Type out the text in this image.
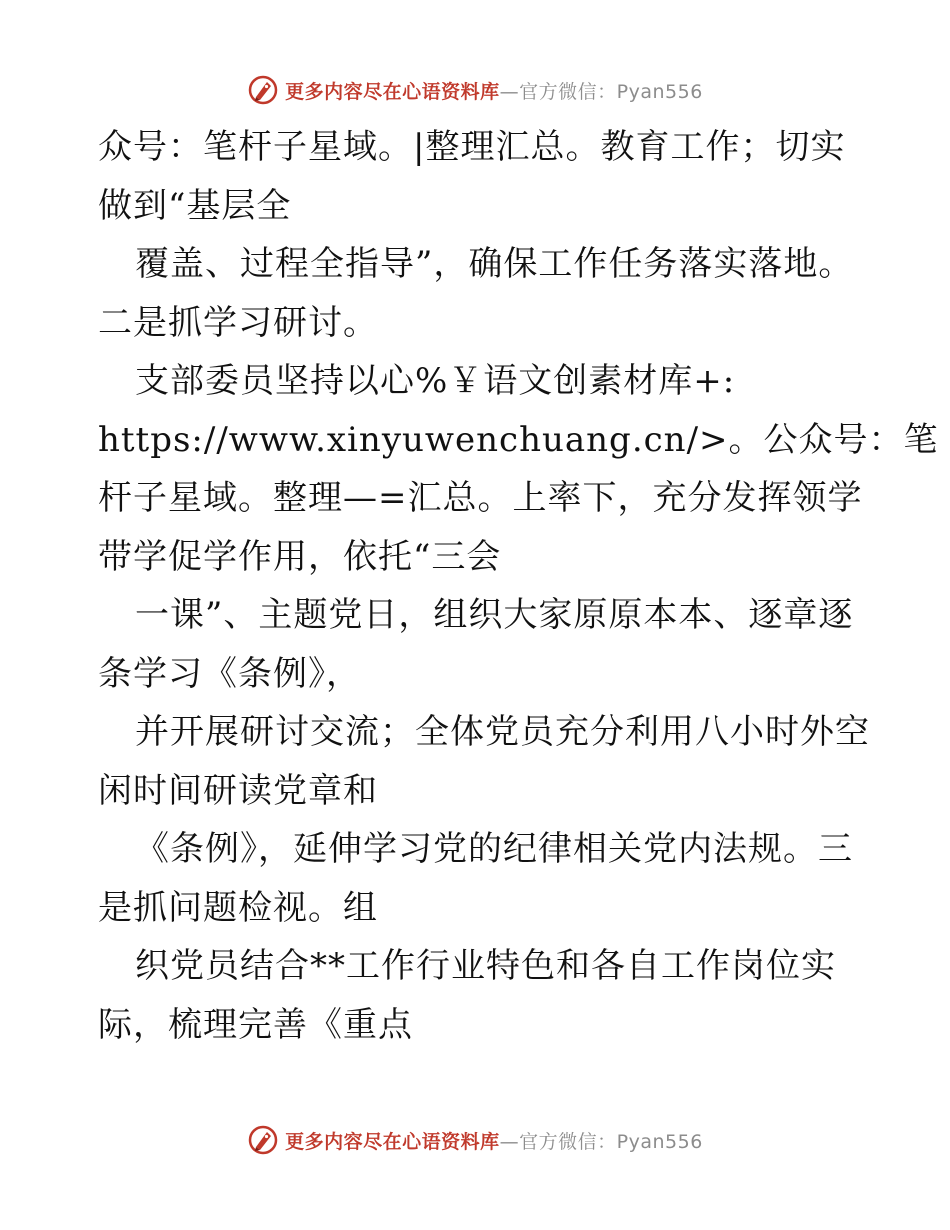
更多内容尽在心语资料库—官方微信：Pyan556
众号：笔杆子星域。|整理汇总。教育工作；切实
做到“基层全
覆盖、过程全指导”，确保工作任务落实落地。
二是抓学习研讨。
支部委员坚持以心%￥语文创素材库+:
https://www.xinyuwenchuang.cn/>。公众号：笔
杆子星域。整理—=汇总。上率下，充分发挥领学
带学促学作用，依托“三会
一课”、主题党日，组织大家原原本本、逐章逐
条学习《条例》，
并开展研讨交流；全体党员充分利用八小时外空
闲时间研读党章和
《条例》，延伸学习党的纪律相关党内法规。三
是抓问题检视。组
织党员结合**工作行业特色和各自工作岗位实
际，梳理完善《重点
更多内容尽在心语资料库—官方微信：Pyan556
